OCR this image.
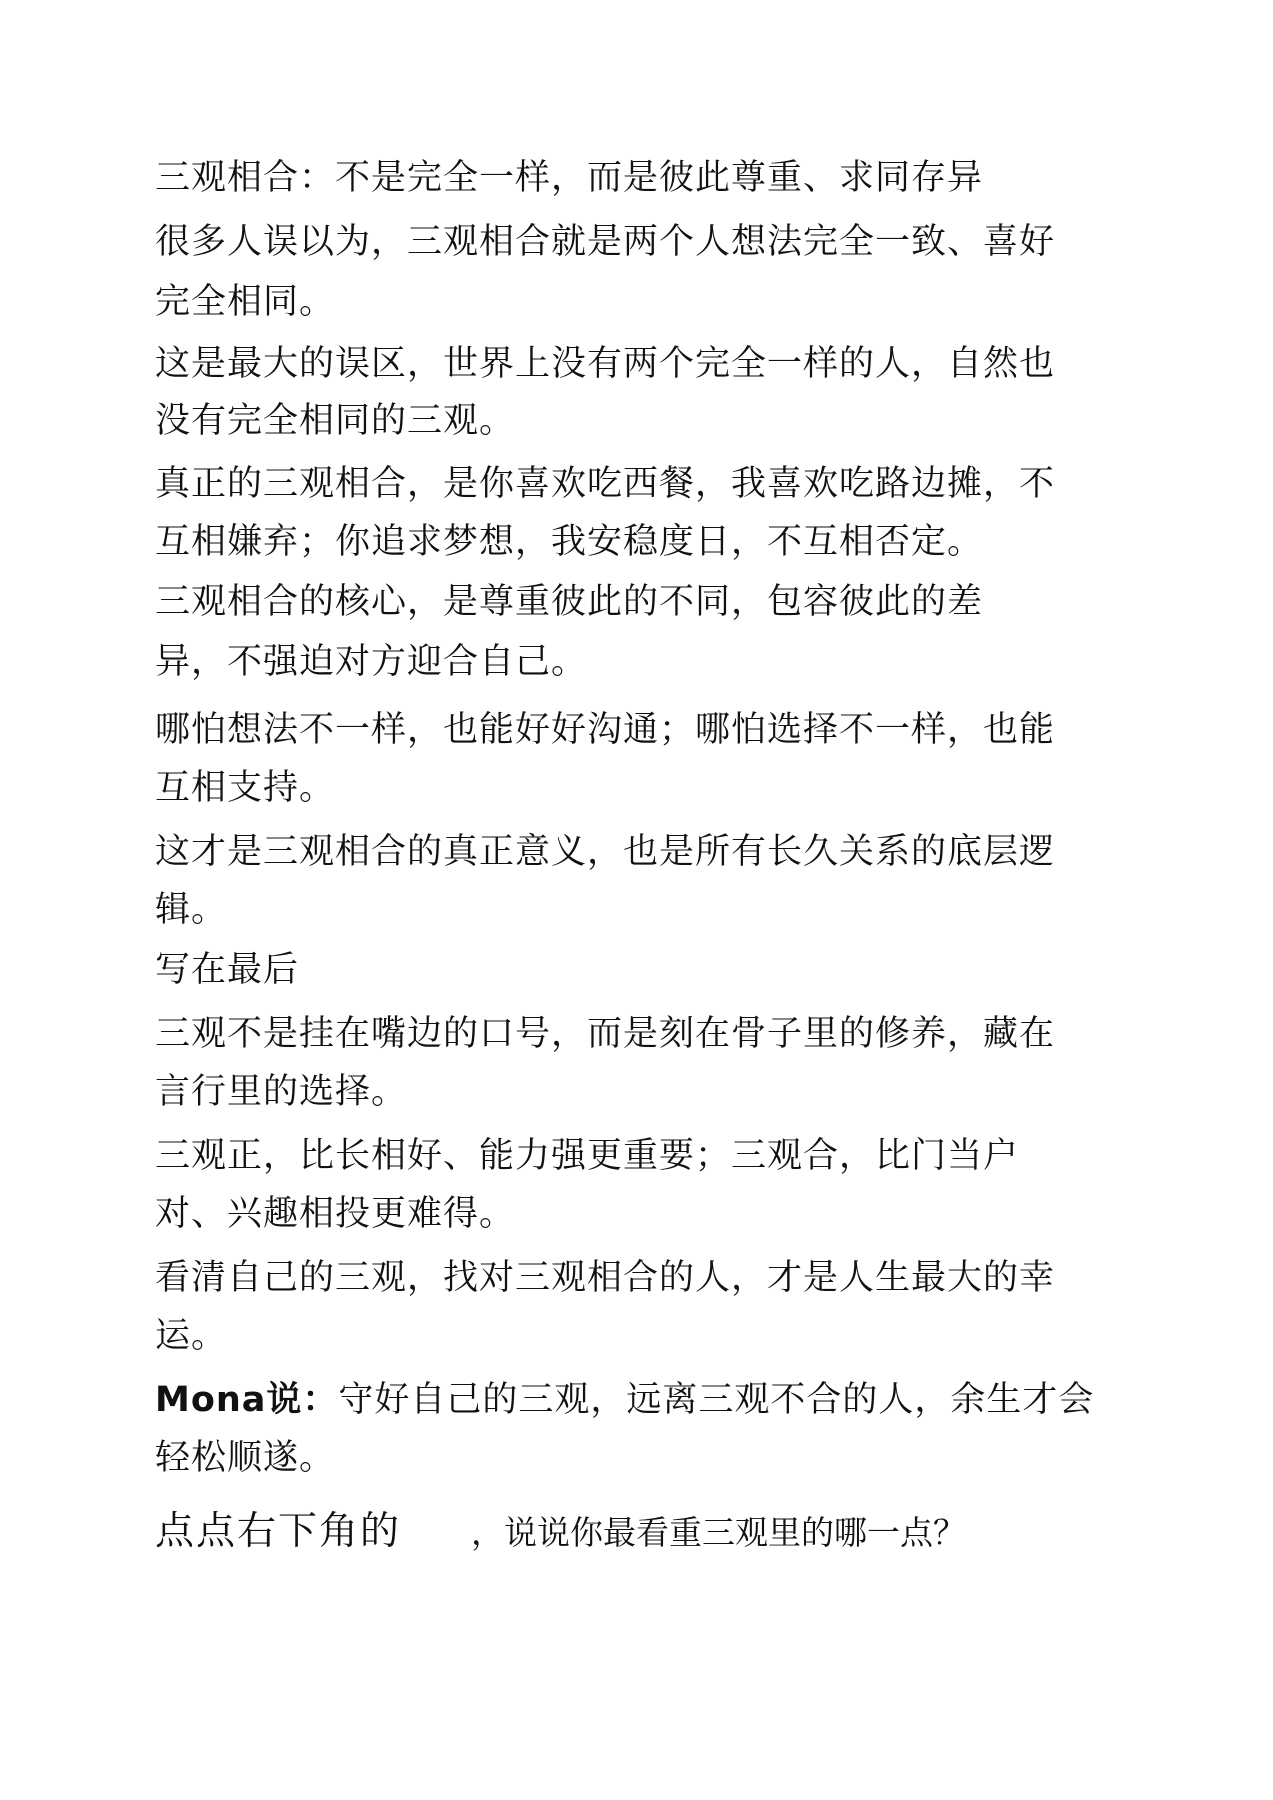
三观相合：不是完全一样，而是彼此尊重、求同存异
很多人误以为，三观相合就是两个人想法完全一致、喜好
完全相同。
这是最大的误区，世界上没有两个完全一样的人，自然也
没有完全相同的三观。
真正的三观相合，是你喜欢吃西餐，我喜欢吃路边摊，不
互相嫌弃；你追求梦想，我安稳度日，不互相否定。
三观相合的核心，是尊重彼此的不同，包容彼此的差
异，不强迫对方迎合自己。
哪怕想法不一样，也能好好沟通；哪怕选择不一样，也能
互相支持。
这才是三观相合的真正意义，也是所有长久关系的底层逻
辑。
写在最后
三观不是挂在嘴边的口号，而是刻在骨子里的修养，藏在
言行里的选择。
三观正，比长相好、能力强更重要；三观合，比门当户
对、兴趣相投更难得。
看清自己的三观，找对三观相合的人，才是人生最大的幸
运。
Mona说：守好自己的三观，远离三观不合的人，余生才会
轻松顺遂。
点点右下角的 ，说说你最看重三观里的哪一点？
